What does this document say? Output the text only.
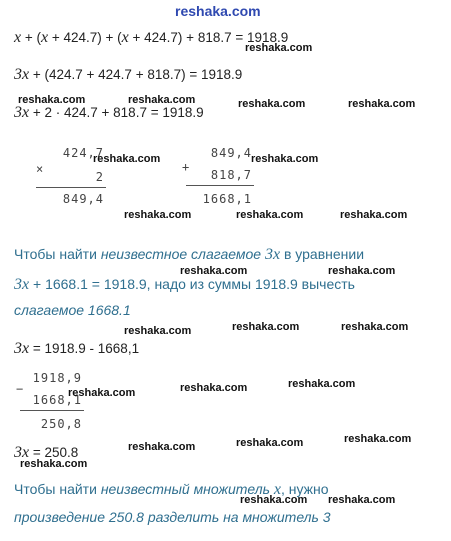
reshaka.com
x + (x + 424.7) + (x + 424.7) + 818.7 = 1918.9
reshaka.com
3x + (424.7 + 424.7 + 818.7) = 1918.9
reshaka.com	reshaka.com	reshaka.com	reshaka.com
3x + 2 · 424.7 + 818.7 = 1918.9
×
424,7
2
849,4
reshaka.com
+
849,4
818,7
1668,1
reshaka.com
reshaka.com	reshaka.com	reshaka.com
Чтобы найти неизвестное слагаемое 3x в уравнении
reshaka.com	reshaka.com
3x + 1668.1 = 1918.9, надо из суммы 1918.9 вычесть
слагаемое 1668.1
reshaka.com	reshaka.com	reshaka.com
3x = 1918.9 - 1668,1
−
1918,9
1668,1
250,8
reshaka.com	reshaka.com	reshaka.com
reshaka.com	reshaka.com	reshaka.com
3x = 250.8
reshaka.com
Чтобы найти неизвестный множитель x, нужно
reshaka.com reshaka.com
произведение 250.8 разделить на множитель 3
